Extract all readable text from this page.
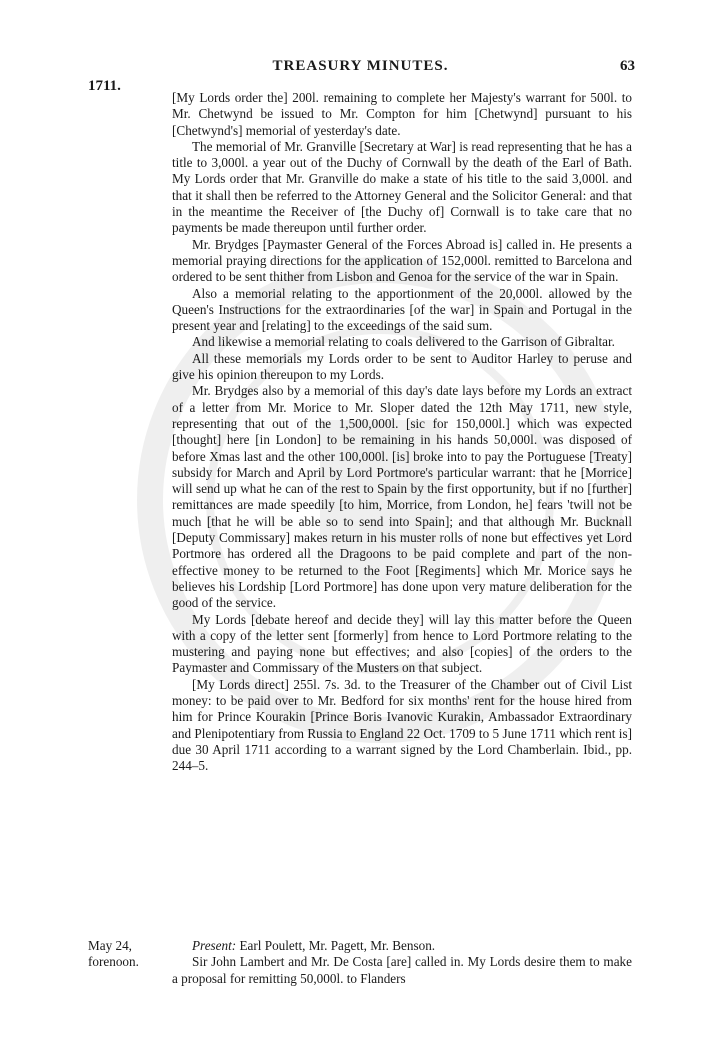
TREASURY MINUTES.	63
1711.

[My Lords order the] 200l. remaining to complete her Majesty's warrant for 500l. to Mr. Chetwynd be issued to Mr. Compton for him [Chetwynd] pursuant to his [Chetwynd's] memorial of yesterday's date.

The memorial of Mr. Granville [Secretary at War] is read representing that he has a title to 3,000l. a year out of the Duchy of Cornwall by the death of the Earl of Bath. My Lords order that Mr. Granville do make a state of his title to the said 3,000l. and that it shall then be referred to the Attorney General and the Solicitor General: and that in the meantime the Receiver of [the Duchy of] Cornwall is to take care that no payments be made thereupon until further order.

Mr. Brydges [Paymaster General of the Forces Abroad is] called in. He presents a memorial praying directions for the application of 152,000l. remitted to Barcelona and ordered to be sent thither from Lisbon and Genoa for the service of the war in Spain.

Also a memorial relating to the apportionment of the 20,000l. allowed by the Queen's Instructions for the extraordinaries [of the war] in Spain and Portugal in the present year and [relating] to the exceedings of the said sum.

And likewise a memorial relating to coals delivered to the Garrison of Gibraltar.

All these memorials my Lords order to be sent to Auditor Harley to peruse and give his opinion thereupon to my Lords.

Mr. Brydges also by a memorial of this day's date lays before my Lords an extract of a letter from Mr. Morice to Mr. Sloper dated the 12th May 1711, new style, representing that out of the 1,500,000l. [sic for 150,000l.] which was expected [thought] here [in London] to be remaining in his hands 50,000l. was disposed of before Xmas last and the other 100,000l. [is] broke into to pay the Portuguese [Treaty] subsidy for March and April by Lord Portmore's particular warrant: that he [Morrice] will send up what he can of the rest to Spain by the first opportunity, but if no [further] remittances are made speedily [to him, Morrice, from London, he] fears 'twill not be much [that he will be able so to send into Spain]; and that although Mr. Bucknall [Deputy Commissary] makes return in his muster rolls of none but effectives yet Lord Portmore has ordered all the Dragoons to be paid complete and part of the non-effective money to be returned to the Foot [Regiments] which Mr. Morice says he believes his Lordship [Lord Portmore] has done upon very mature deliberation for the good of the service.

My Lords [debate hereof and decide they] will lay this matter before the Queen with a copy of the letter sent [formerly] from hence to Lord Portmore relating to the mustering and paying none but effectives; and also [copies] of the orders to the Paymaster and Commissary of the Musters on that subject.

[My Lords direct] 255l. 7s. 3d. to the Treasurer of the Chamber out of Civil List money: to be paid over to Mr. Bedford for six months' rent for the house hired from him for Prince Kourakin [Prince Boris Ivanovic Kurakin, Ambassador Extraordinary and Plenipotentiary from Russia to England 22 Oct. 1709 to 5 June 1711 which rent is] due 30 April 1711 according to a warrant signed by the Lord Chamberlain. Ibid., pp. 244–5.

May 24,
forenoon.

Present: Earl Poulett, Mr. Pagett, Mr. Benson.

Sir John Lambert and Mr. De Costa [are] called in. My Lords desire them to make a proposal for remitting 50,000l. to Flanders
